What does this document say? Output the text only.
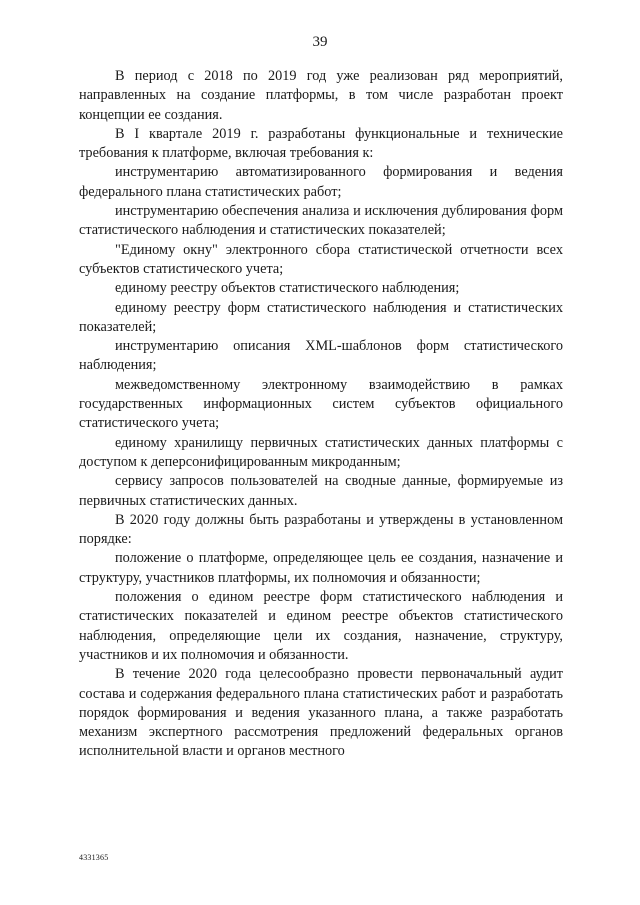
39

В период с 2018 по 2019 год уже реализован ряд мероприятий, направленных на создание платформы, в том числе разработан проект концепции ее создания.

В I квартале 2019 г. разработаны функциональные и технические требования к платформе, включая требования к:

инструментарию автоматизированного формирования и ведения федерального плана статистических работ;

инструментарию обеспечения анализа и исключения дублирования форм статистического наблюдения и статистических показателей;

"Единому окну" электронного сбора статистической отчетности всех субъектов статистического учета;

единому реестру объектов статистического наблюдения;

единому реестру форм статистического наблюдения и статистических показателей;

инструментарию описания XML-шаблонов форм статистического наблюдения;

межведомственному электронному взаимодействию в рамках государственных информационных систем субъектов официального статистического учета;

единому хранилищу первичных статистических данных платформы с доступом к деперсонифицированным микроданным;

сервису запросов пользователей на сводные данные, формируемые из первичных статистических данных.

В 2020 году должны быть разработаны и утверждены в установленном порядке:

положение о платформе, определяющее цель ее создания, назначение и структуру, участников платформы, их полномочия и обязанности;

положения о едином реестре форм статистического наблюдения и статистических показателей и едином реестре объектов статистического наблюдения, определяющие цели их создания, назначение, структуру, участников и их полномочия и обязанности.

В течение 2020 года целесообразно провести первоначальный аудит состава и содержания федерального плана статистических работ и разработать порядок формирования и ведения указанного плана, а также разработать механизм экспертного рассмотрения предложений федеральных органов исполнительной власти и органов местного

4331365
